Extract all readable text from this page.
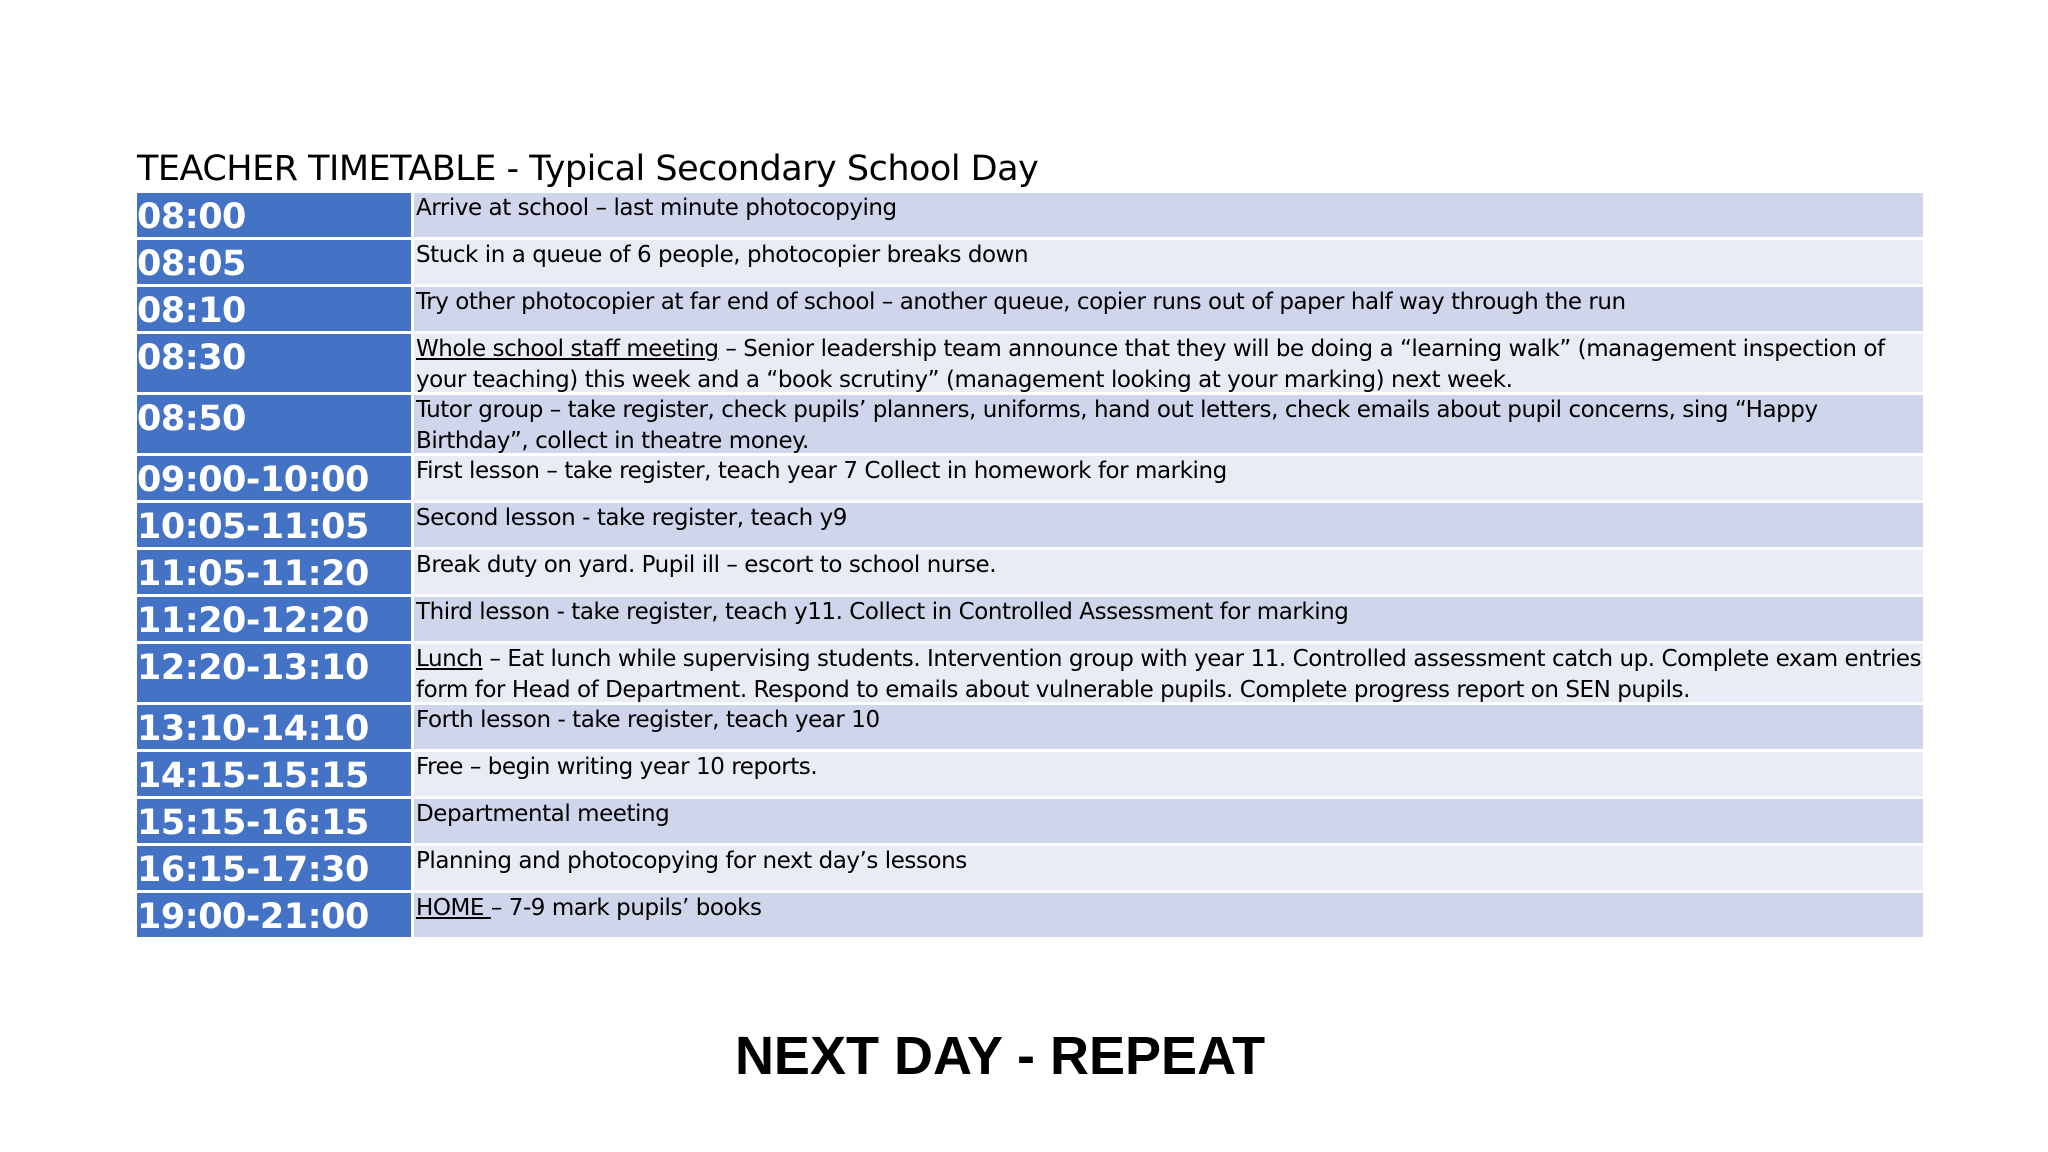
TEACHER TIMETABLE - Typical Secondary School Day
08:00	Arrive at school – last minute photocopying
08:05	Stuck in a queue of 6 people, photocopier breaks down
08:10	Try other photocopier at far end of school – another queue, copier runs out of paper half way through the run
08:30	Whole school staff meeting – Senior leadership team announce that they will be doing a “learning walk” (management inspection of your teaching) this week and a “book scrutiny” (management looking at your marking) next week.
08:50	Tutor group – take register, check pupils’ planners, uniforms, hand out letters, check emails about pupil concerns, sing “Happy Birthday”, collect in theatre money.
09:00-10:00	First lesson – take register, teach year 7 Collect in homework for marking
10:05-11:05	Second lesson - take register, teach y9
11:05-11:20	Break duty on yard. Pupil ill – escort to school nurse.
11:20-12:20	Third lesson - take register, teach y11. Collect in Controlled Assessment for marking
12:20-13:10	Lunch – Eat lunch while supervising students. Intervention group with year 11. Controlled assessment catch up. Complete exam entries form for Head of Department. Respond to emails about vulnerable pupils. Complete progress report on SEN pupils.
13:10-14:10	Forth lesson - take register, teach year 10
14:15-15:15	Free – begin writing year 10 reports.
15:15-16:15	Departmental meeting
16:15-17:30	Planning and photocopying for next day’s lessons
19:00-21:00	HOME – 7-9 mark pupils’ books
NEXT DAY - REPEAT
